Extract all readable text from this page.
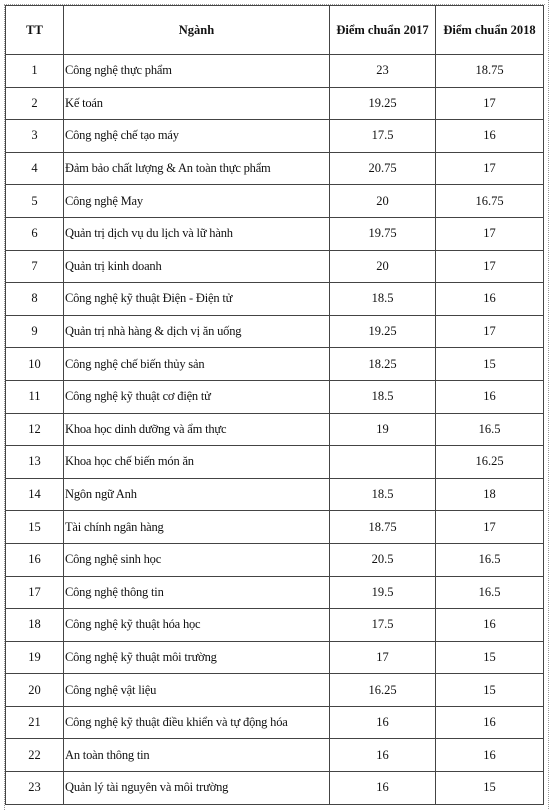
TT	Ngành	Điểm chuẩn 2017	Điểm chuẩn 2018
1	Công nghệ thực phẩm	23	18.75
2	Kế toán	19.25	17
3	Công nghệ chế tạo máy	17.5	16
4	Đảm bảo chất lượng & An toàn thực phẩm	20.75	17
5	Công nghệ May	20	16.75
6	Quản trị dịch vụ du lịch và lữ hành	19.75	17
7	Quản trị kinh doanh	20	17
8	Công nghệ kỹ thuật Điện - Điện tử	18.5	16
9	Quản trị nhà hàng & dịch vị ăn uống	19.25	17
10	Công nghệ chế biến thủy sản	18.25	15
11	Công nghệ kỹ thuật cơ điện tử	18.5	16
12	Khoa học dinh dưỡng và ẩm thực	19	16.5
13	Khoa học chế biến món ăn		16.25
14	Ngôn ngữ Anh	18.5	18
15	Tài chính ngân hàng	18.75	17
16	Công nghệ sinh học	20.5	16.5
17	Công nghệ thông tin	19.5	16.5
18	Công nghệ kỹ thuật hóa học	17.5	16
19	Công nghệ kỹ thuật môi trường	17	15
20	Công nghệ vật liệu	16.25	15
21	Công nghệ kỹ thuật điều khiển và tự động hóa	16	16
22	An toàn thông tin	16	16
23	Quản lý tài nguyên và môi trường	16	15
